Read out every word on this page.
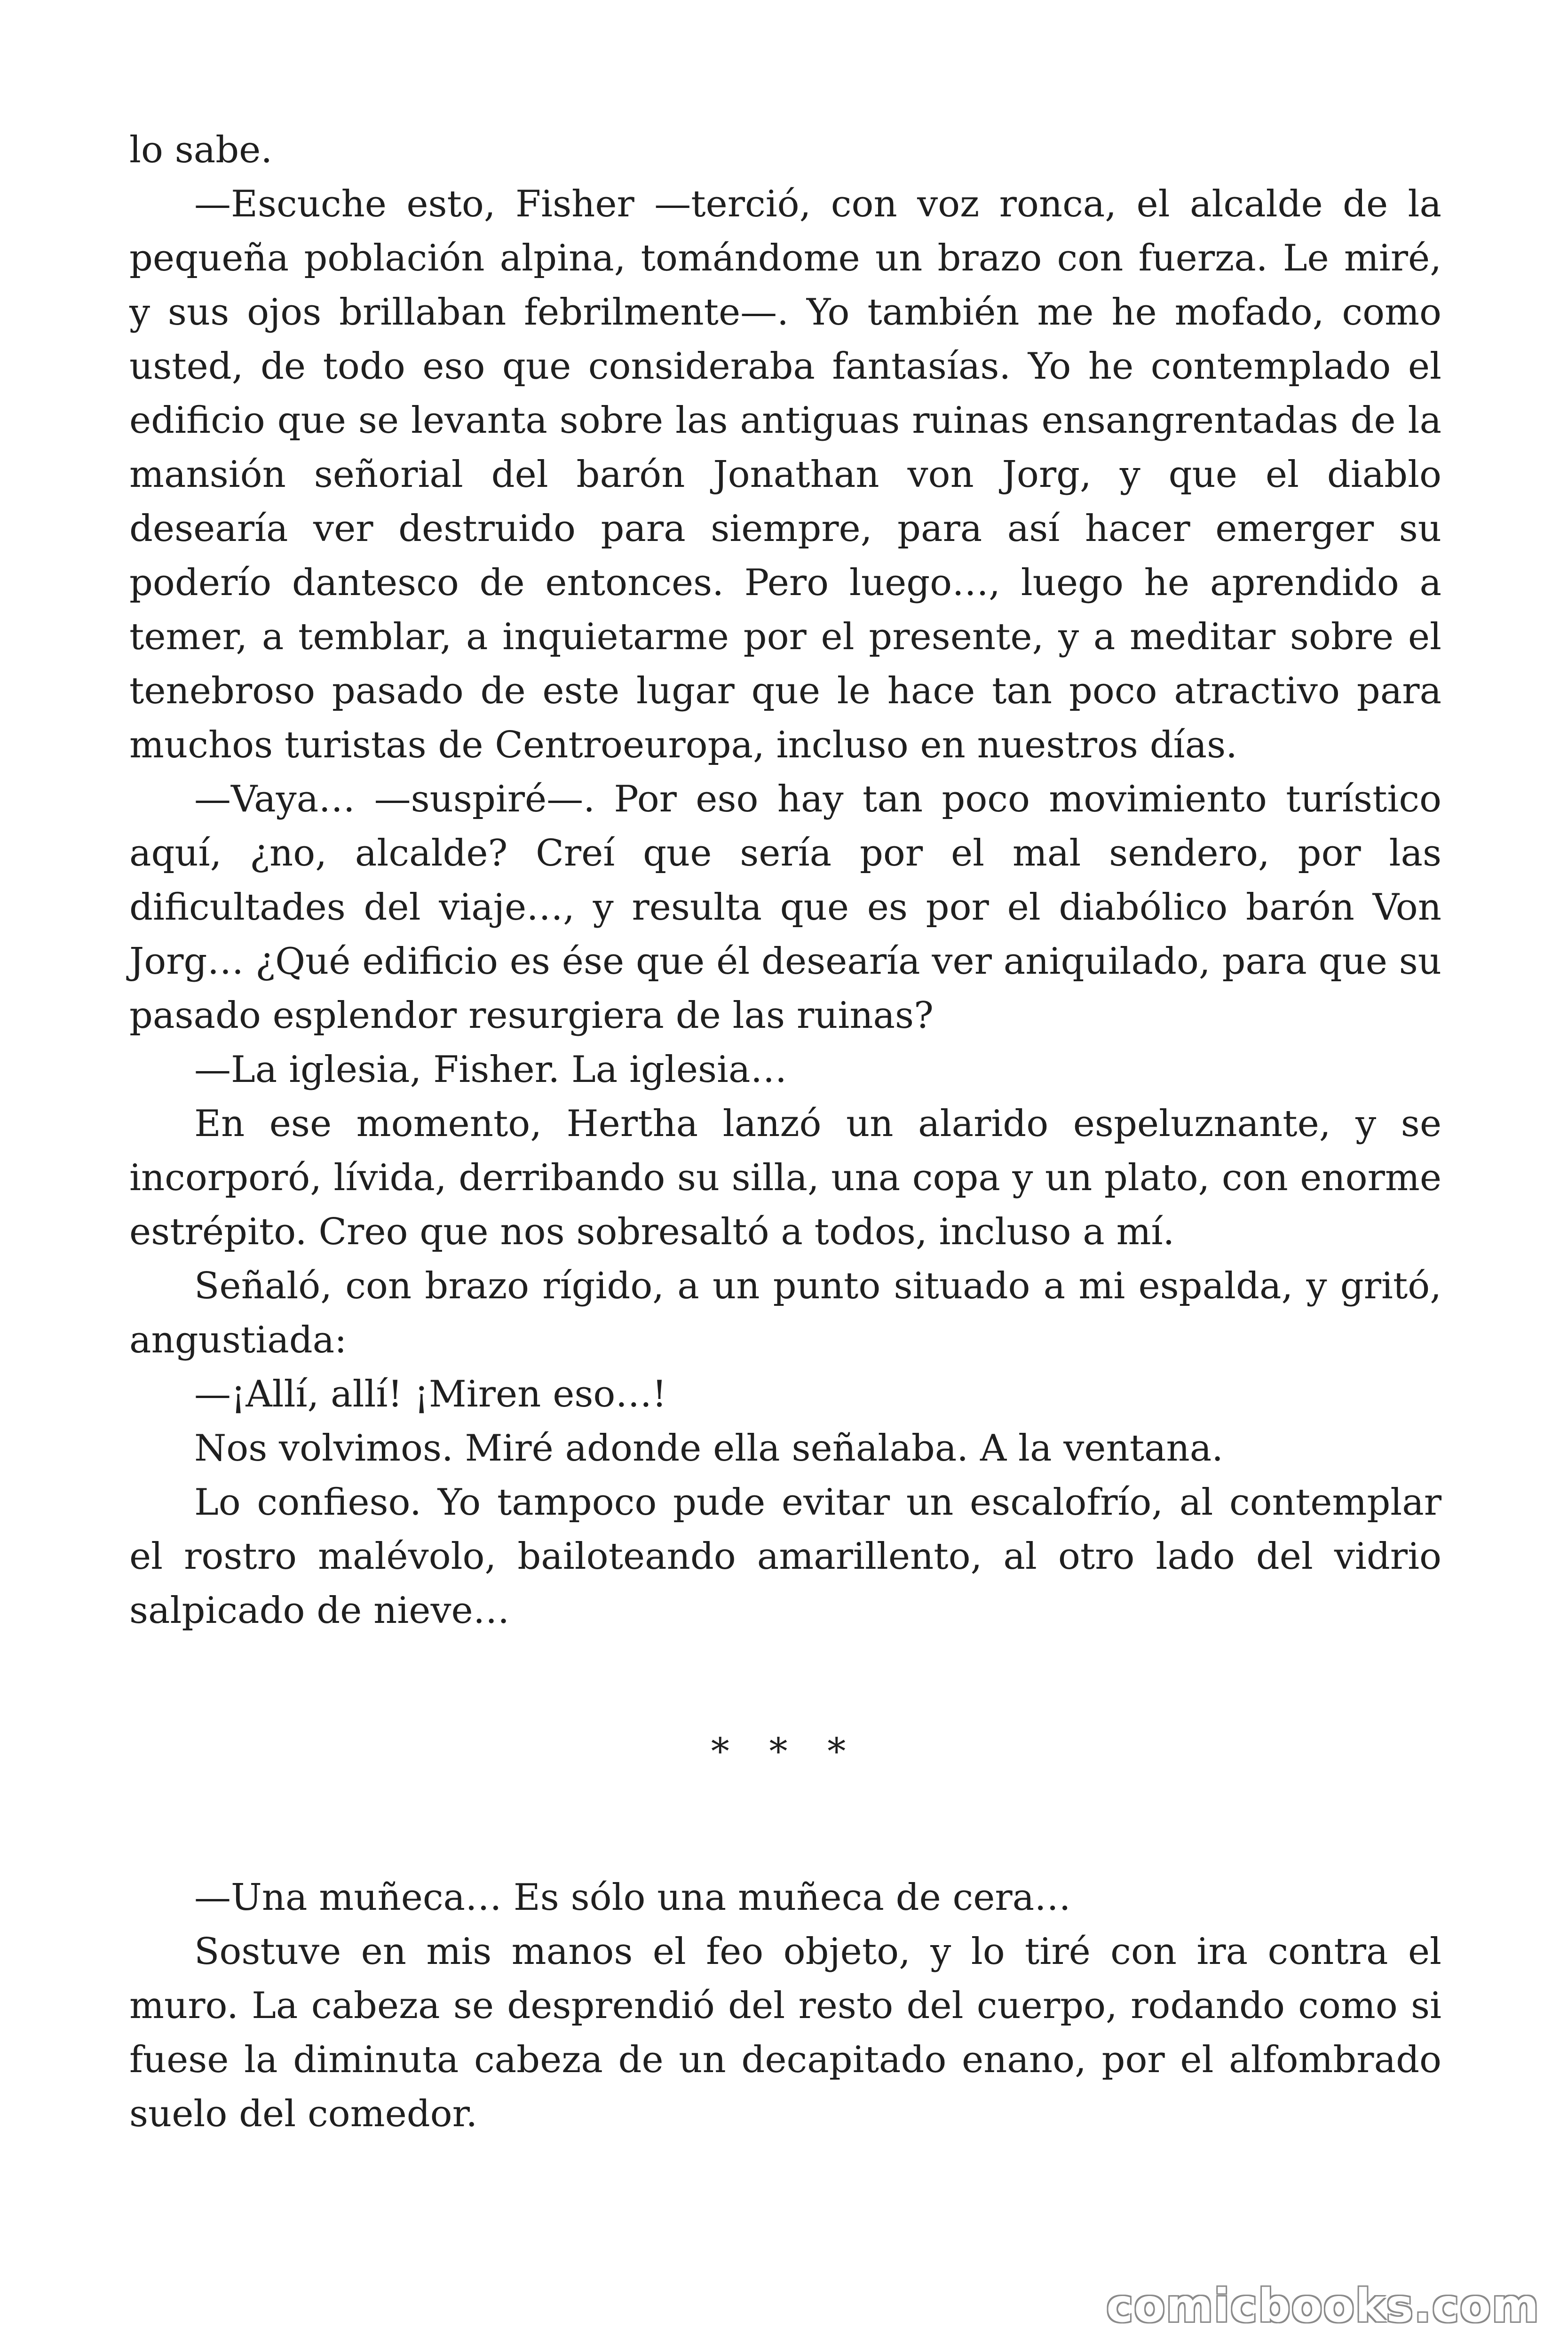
lo sabe.

—Escuche esto, Fisher —terció, con voz ronca, el alcalde de la pequeña población alpina, tomándome un brazo con fuerza. Le miré, y sus ojos brillaban febrilmente—. Yo también me he mofado, como usted, de todo eso que consideraba fantasías. Yo he contemplado el edificio que se levanta sobre las antiguas ruinas ensangrentadas de la mansión señorial del barón Jonathan von Jorg, y que el diablo desearía ver destruido para siempre, para así hacer emerger su poderío dantesco de entonces. Pero luego…, luego he aprendido a temer, a temblar, a inquietarme por el presente, y a meditar sobre el tenebroso pasado de este lugar que le hace tan poco atractivo para muchos turistas de Centroeuropa, incluso en nuestros días.

—Vaya… —suspiré—. Por eso hay tan poco movimiento turístico aquí, ¿no, alcalde? Creí que sería por el mal sendero, por las dificultades del viaje…, y resulta que es por el diabólico barón Von Jorg… ¿Qué edificio es ése que él desearía ver aniquilado, para que su pasado esplendor resurgiera de las ruinas?

—La iglesia, Fisher. La iglesia…

En ese momento, Hertha lanzó un alarido espeluznante, y se incorporó, lívida, derribando su silla, una copa y un plato, con enorme estrépito. Creo que nos sobresaltó a todos, incluso a mí.

Señaló, con brazo rígido, a un punto situado a mi espalda, y gritó, angustiada:

—¡Allí, allí! ¡Miren eso…!

Nos volvimos. Miré adonde ella señalaba. A la ventana.

Lo confieso. Yo tampoco pude evitar un escalofrío, al contemplar el rostro malévolo, bailoteando amarillento, al otro lado del vidrio salpicado de nieve…

* * *

—Una muñeca… Es sólo una muñeca de cera…

Sostuve en mis manos el feo objeto, y lo tiré con ira contra el muro. La cabeza se desprendió del resto del cuerpo, rodando como si fuese la diminuta cabeza de un decapitado enano, por el alfombrado suelo del comedor.

comicbooks.com
